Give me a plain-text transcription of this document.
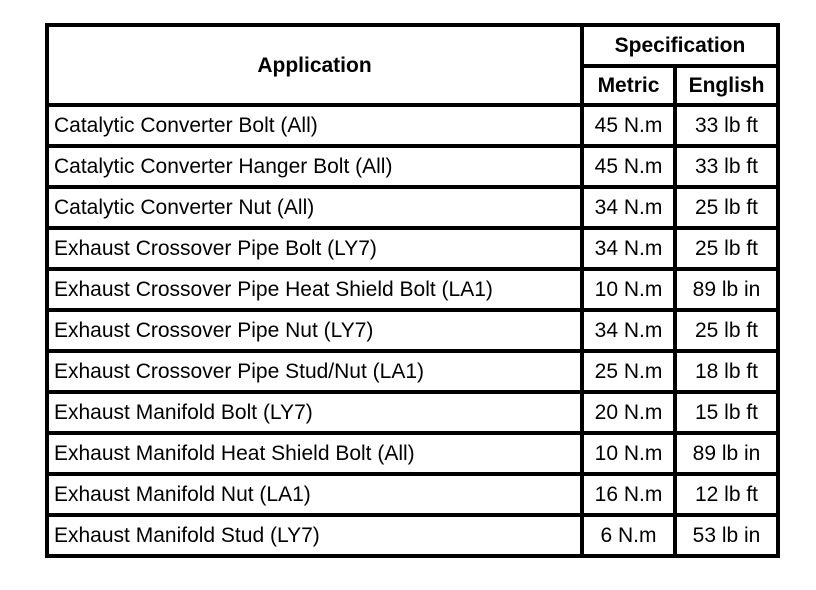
Application	Specification	
	Metric	English
Catalytic Converter Bolt (All)	45 N.m	33 lb ft
Catalytic Converter Hanger Bolt (All)	45 N.m	33 lb ft
Catalytic Converter Nut (All)	34 N.m	25 lb ft
Exhaust Crossover Pipe Bolt (LY7)	34 N.m	25 lb ft
Exhaust Crossover Pipe Heat Shield Bolt (LA1)	10 N.m	89 lb in
Exhaust Crossover Pipe Nut (LY7)	34 N.m	25 lb ft
Exhaust Crossover Pipe Stud/Nut (LA1)	25 N.m	18 lb ft
Exhaust Manifold Bolt (LY7)	20 N.m	15 lb ft
Exhaust Manifold Heat Shield Bolt (All)	10 N.m	89 lb in
Exhaust Manifold Nut (LA1)	16 N.m	12 lb ft
Exhaust Manifold Stud (LY7)	6 N.m	53 lb in
